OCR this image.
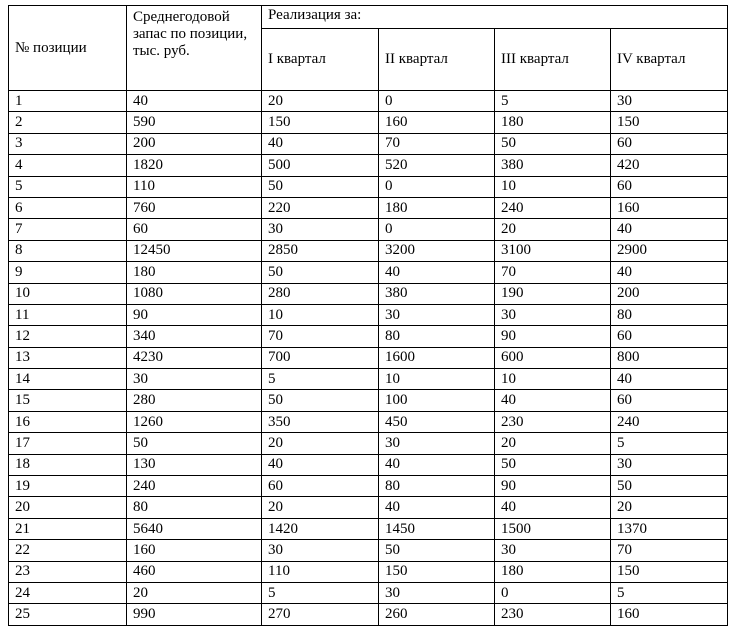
№ позиции	Среднегодовой запас по позиции, тыс. руб.	Реализация за:			
		I квартал	II квартал	III квартал	IV квартал
1	40	20	0	5	30
2	590	150	160	180	150
3	200	40	70	50	60
4	1820	500	520	380	420
5	110	50	0	10	60
6	760	220	180	240	160
7	60	30	0	20	40
8	12450	2850	3200	3100	2900
9	180	50	40	70	40
10	1080	280	380	190	200
11	90	10	30	30	80
12	340	70	80	90	60
13	4230	700	1600	600	800
14	30	5	10	10	40
15	280	50	100	40	60
16	1260	350	450	230	240
17	50	20	30	20	5
18	130	40	40	50	30
19	240	60	80	90	50
20	80	20	40	40	20
21	5640	1420	1450	1500	1370
22	160	30	50	30	70
23	460	110	150	180	150
24	20	5	30	0	5
25	990	270	260	230	160
